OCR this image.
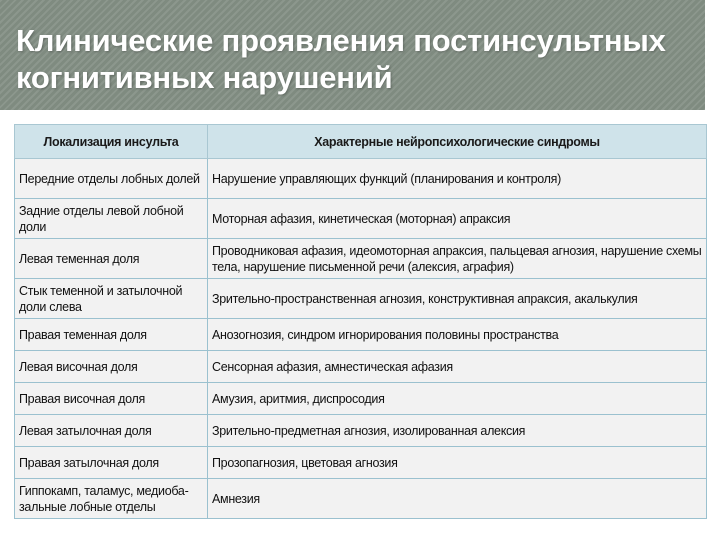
Клинические проявления постинсультных когнитивных нарушений
Локализация инсульта	Характерные нейропсихологические синдромы
Передние отделы лобных долей	Нарушение управляющих функций (планирования и контроля)
Задние отделы левой лобной доли	Моторная афазия, кинетическая (моторная) апраксия
Левая теменная доля	Проводниковая афазия, идеомоторная апраксия, пальцевая агнозия, нарушение схемы тела, нарушение письменной речи (алексия, аграфия)
Стык теменной и затылочной доли слева	Зрительно-пространственная агнозия, конструктивная апраксия, акалькулия
Правая теменная доля	Анозогнозия, синдром игнорирования половины пространства
Левая височная доля	Сенсорная афазия, амнестическая афазия
Правая височная доля	Амузия, аритмия, диспросодия
Левая затылочная доля	Зрительно-предметная агнозия, изолированная алексия
Правая затылочная доля	Прозопагнозия, цветовая агнозия
Гиппокамп, таламус, медиоба-зальные лобные отделы	Амнезия
